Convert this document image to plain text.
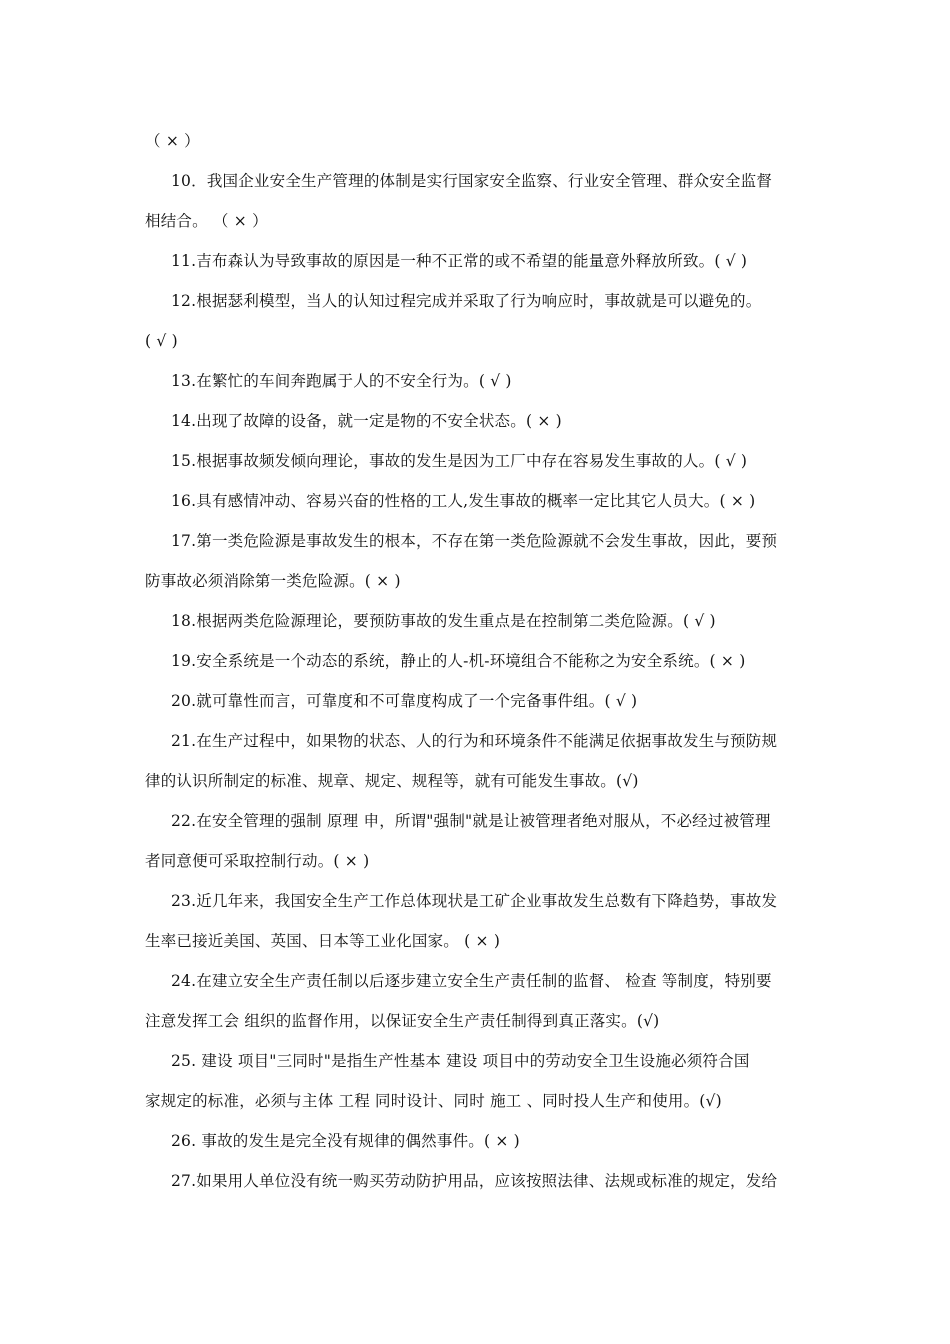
（ × ）
10．我国企业安全生产管理的体制是实行国家安全监察、行业安全管理、群众安全监督
相结合。 （ × ）
11.吉布森认为导致事故的原因是一种不正常的或不希望的能量意外释放所致。( √ )
12.根据瑟利模型，当人的认知过程完成并采取了行为响应时，事故就是可以避免的。
( √ )
13.在繁忙的车间奔跑属于人的不安全行为。( √ )
14.出现了故障的设备，就一定是物的不安全状态。( × )
15.根据事故频发倾向理论，事故的发生是因为工厂中存在容易发生事故的人。( √ )
16.具有感情冲动、容易兴奋的性格的工人,发生事故的概率一定比其它人员大。( × )
17.第一类危险源是事故发生的根本，不存在第一类危险源就不会发生事故，因此，要预
防事故必须消除第一类危险源。( × )
18.根据两类危险源理论，要预防事故的发生重点是在控制第二类危险源。( √ )
19.安全系统是一个动态的系统，静止的人-机-环境组合不能称之为安全系统。( × )
20.就可靠性而言，可靠度和不可靠度构成了一个完备事件组。( √ )
21.在生产过程中，如果物的状态、人的行为和环境条件不能满足依据事故发生与预防规
律的认识所制定的标准、规章、规定、规程等，就有可能发生事故。(√)
22.在安全管理的强制 原理 申，所谓"强制"就是让被管理者绝对服从，不必经过被管理
者同意便可采取控制行动。( × )
23.近几年来，我国安全生产工作总体现状是工矿企业事故发生总数有下降趋势，事故发
生率已接近美国、英国、日本等工业化国家。 ( × )
24.在建立安全生产责任制以后逐步建立安全生产责任制的监督、 检查 等制度，特别要
注意发挥工会 组织的监督作用，以保证安全生产责任制得到真正落实。(√)
25. 建设 项目"三同时"是指生产性基本 建设 项目中的劳动安全卫生设施必须符合国
家规定的标准，必须与主体 工程 同时设计、同时 施工 、同时投人生产和使用。(√)
26. 事故的发生是完全没有规律的偶然事件。( × )
27.如果用人单位没有统一购买劳动防护用品，应该按照法律、法规或标准的规定，发给
